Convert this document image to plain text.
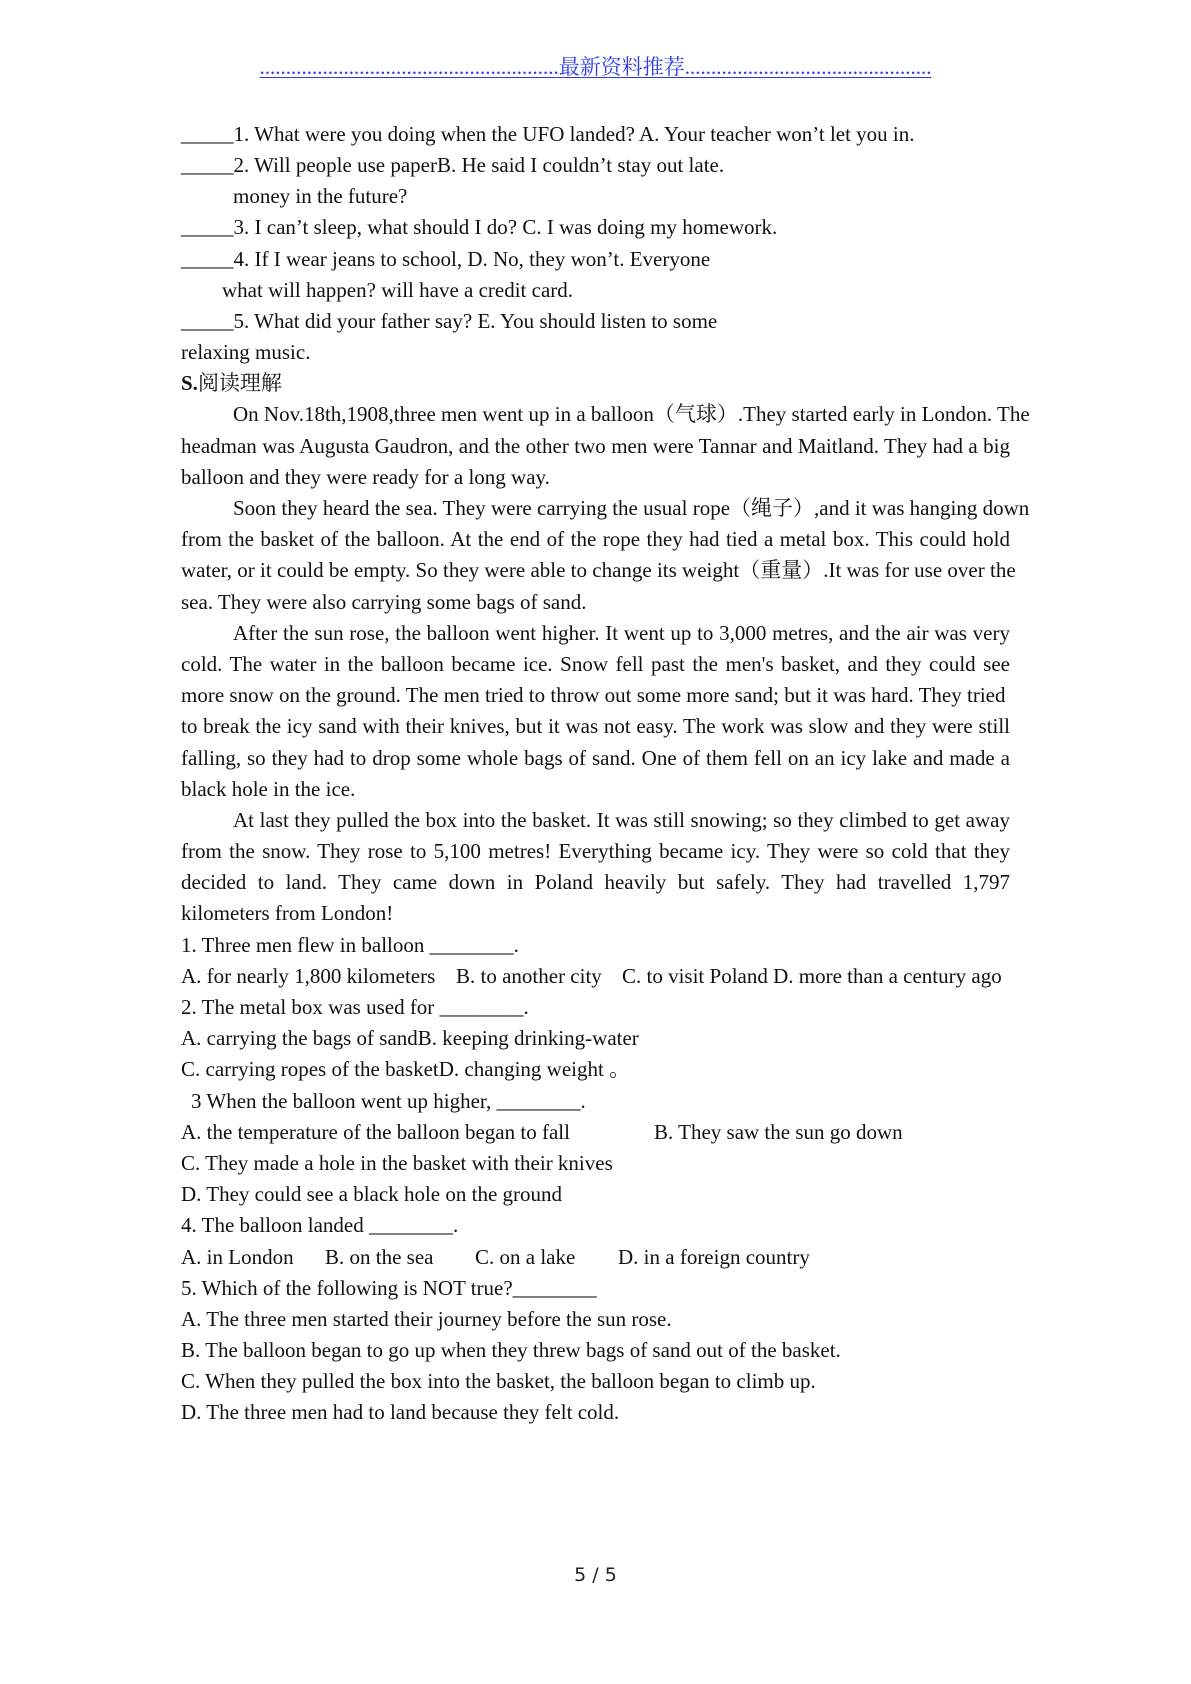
.........................................................最新资料推荐...............................................
_____1. What were you doing when the UFO landed? A. Your teacher won’t let you in.
_____2. Will people use paperB. He said I couldn’t stay out late.
money in the future?
_____3. I can’t sleep, what should I do? C. I was doing my homework.
_____4. If I wear jeans to school, D. No, they won’t. Everyone
what will happen? will have a credit card.
_____5. What did your father say? E. You should listen to some
relaxing music.
S.阅读理解
On Nov.18th,1908,three men went up in a balloon（气球）.They started early in London. The
headman was Augusta Gaudron, and the other two men were Tannar and Maitland. They had a big
balloon and they were ready for a long way.
Soon they heard the sea. They were carrying the usual rope（绳子）,and it was hanging down
from the basket of the balloon. At the end of the rope they had tied a metal box. This could hold
water, or it could be empty. So they were able to change its weight（重量）.It was for use over the
sea. They were also carrying some bags of sand.
After the sun rose, the balloon went higher. It went up to 3,000 metres, and the air was very
cold. The water in the balloon became ice. Snow fell past the men's basket, and they could see
more snow on the ground. The men tried to throw out some more sand; but it was hard. They tried
to break the icy sand with their knives, but it was not easy. The work was slow and they were still
falling, so they had to drop some whole bags of sand. One of them fell on an icy lake and made a
black hole in the ice.
At last they pulled the box into the basket. It was still snowing; so they climbed to get away
from the snow. They rose to 5,100 metres! Everything became icy. They were so cold that they
decided to land. They came down in Poland heavily but safely. They had travelled 1,797
kilometers from London!
1. Three men flew in balloon ________.
A. for nearly 1,800 kilometers B. to another city C. to visit Poland D. more than a century ago
2. The metal box was used for ________.
A. carrying the bags of sandB. keeping drinking-water
C. carrying ropes of the basketD. changing weight 。
3 When the balloon went up higher, ________.
A. the temperature of the balloon began to fall	B. They saw the sun go down
C. They made a hole in the basket with their knives
D. They could see a black hole on the ground
4. The balloon landed ________.
A. in London B. on the sea C. on a lake D. in a foreign country
5. Which of the following is NOT true?________
A. The three men started their journey before the sun rose.
B. The balloon began to go up when they threw bags of sand out of the basket.
C. When they pulled the box into the basket, the balloon began to climb up.
D. The three men had to land because they felt cold.
5 / 5
